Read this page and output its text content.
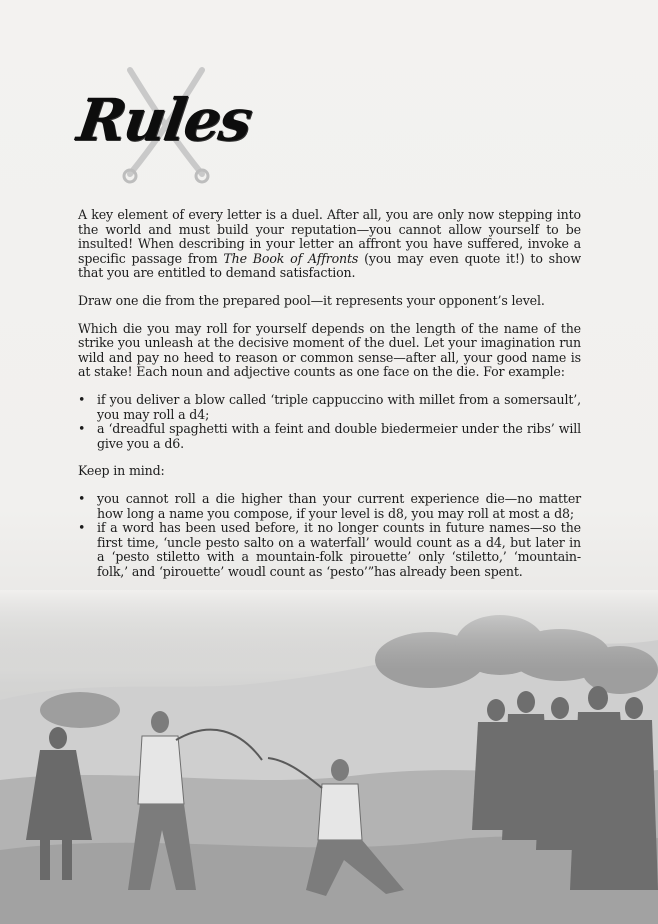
Rules

A key element of every letter is a duel. After all, you are only now stepping into the world and must build your reputation—you cannot allow yourself to be insulted! When describing in your letter an affront you have suffered, invoke a specific passage from The Book of Affronts (you may even quote it!) to show that you are entitled to demand satisfaction.

Draw one die from the prepared pool—it represents your opponent’s level.

Which die you may roll for yourself depends on the length of the name of the strike you unleash at the decisive moment of the duel. Let your imagination run wild and pay no heed to reason or common sense—after all, your good name is at stake! Each noun and adjective counts as one face on the die. For example:

• if you deliver a blow called ‘triple cappuccino with millet from a somersault’, you may roll a d4;
• a ‘dreadful spaghetti with a feint and double biedermeier under the ribs’ will give you a d6.

Keep in mind:

• you cannot roll a die higher than your current experience die—no matter how long a name you compose, if your level is d8, you may roll at most a d8;
• if a word has been used before, it no longer counts in future names—so the first time, ‘uncle pesto salto on a waterfall’ would count as a d4, but later in a ‘pesto stiletto with a mountain-folk pirouette’ only ‘stiletto,’ ‘mountain-folk,’ and ‘pirouette’ woudl count as ‘pesto’”has already been spent.
